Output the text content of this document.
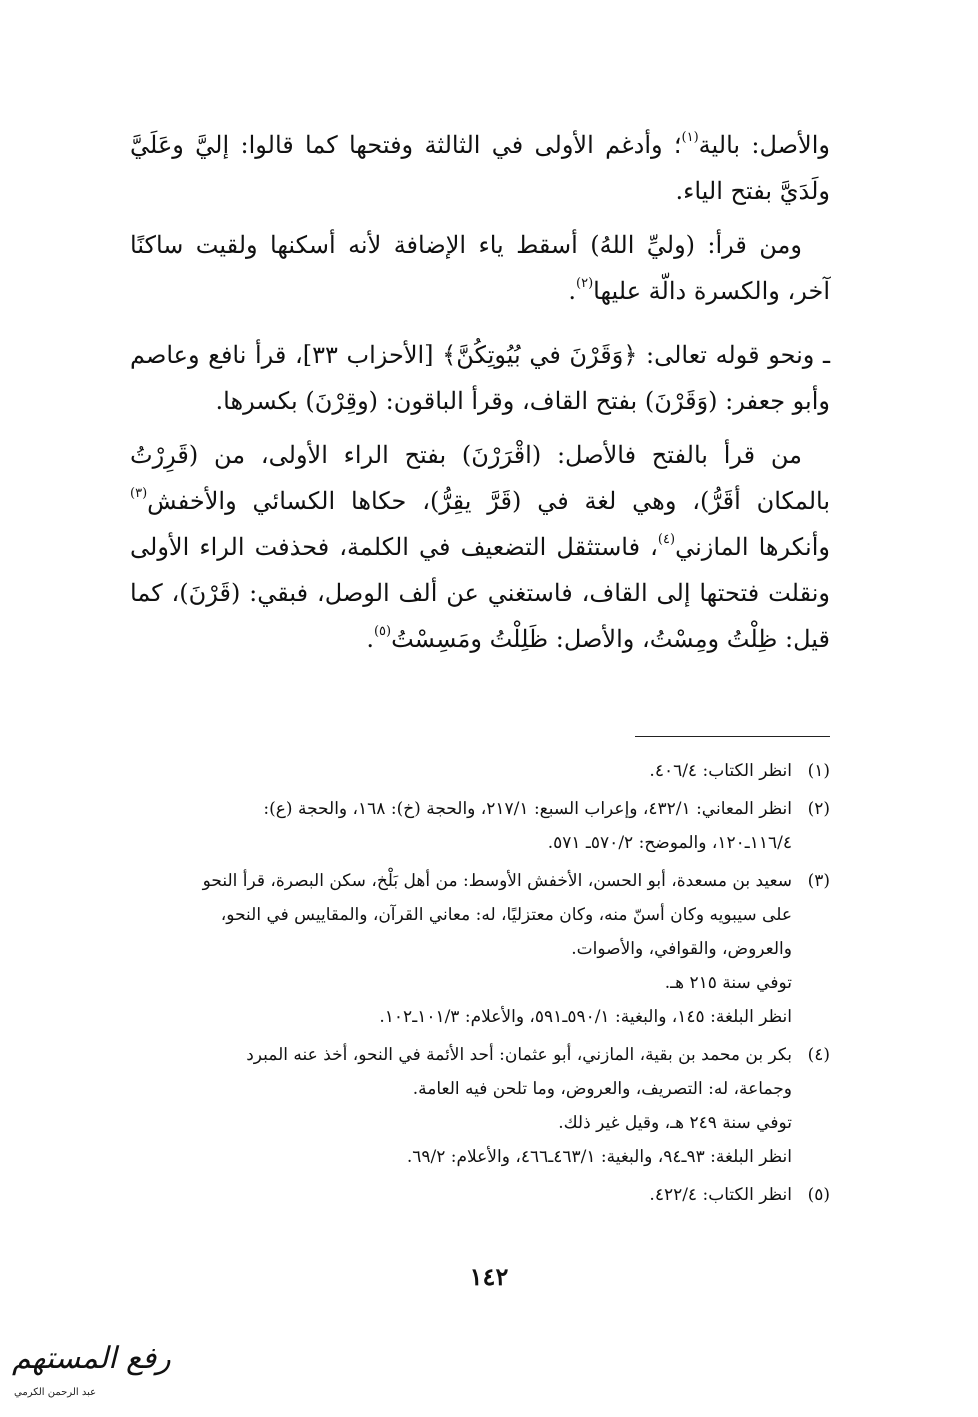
والأصل: بالية$^{(١)}$؛ وأدغم الأولى في الثالثة وفتحها كما قالوا: إليَّ وعَلَيَّ ولَدَيَّ بفتح الياء.

ومن قرأ: (وليِّ اللهُ) أسقط ياء الإضافة لأنه أسكنها ولقيت ساكنًا آخر، والكسرة دالّة عليها$^{(٢)}$.

ـ ونحو قوله تعالى: ﴿وَقَرْنَ في بُيُوتِكُنَّ﴾ [الأحزاب ٣٣]، قرأ نافع وعاصم وأبو جعفر: (وَقَرْنَ) بفتح القاف، وقرأ الباقون: (وقِرْنَ) بكسرها.

من قرأ بالفتح فالأصل: (اقْرَرْنَ) بفتح الراء الأولى، من (قَرِرْتُ بالمكان أقَرُّ)، وهي لغة في (قَرَّ يقِرُّ)، حكاها الكسائي والأخفش$^{(٣)}$ وأنكرها المازني$^{(٤)}$، فاستثقل التضعيف في الكلمة، فحذفت الراء الأولى ونقلت فتحتها إلى القاف، فاستغني عن ألف الوصل، فبقي: (قَرْنَ)، كما قيل: ظِلْتُ ومِسْتُ، والأصل: ظَلِلْتُ ومَسِسْتُ$^{(٥)}$.

(١)
انظر الكتاب: ٤٠٦/٤.
(٢)
انظر المعاني: ٤٣٢/١، وإعراب السبع: ٢١٧/١، والحجة (خ): ١٦٨، والحجة (ع):
١١٦/٤ـ١٢٠، والموضح: ٥٧٠/٢ـ ٥٧١.
(٣)
سعيد بن مسعدة، أبو الحسن، الأخفش الأوسط: من أهل بَلْخ، سكن البصرة، قرأ النحو
على سيبويه وكان أسنّ منه، وكان معتزليًا، له: معاني القرآن، والمقاييس في النحو،
والعروض، والقوافي، والأصوات.
توفي سنة ٢١٥ هـ.
انظر البلغة: ١٤٥، والبغية: ٥٩٠/١ـ٥٩١، والأعلام: ١٠١/٣ـ١٠٢.
(٤)
بكر بن محمد بن بقية، المازني، أبو عثمان: أحد الأئمة في النحو، أخذ عنه المبرد
وجماعة، له: التصريف، والعروض، وما تلحن فيه العامة.
توفي سنة ٢٤٩ هـ، وقيل غير ذلك.
انظر البلغة: ٩٣ـ٩٤، والبغية: ٤٦٣/١ـ٤٦٦، والأعلام: ٦٩/٢.
(٥)
انظر الكتاب: ٤٢٢/٤.
١٤٢
رفع المستهم
عبد الرحمن الكرمي
